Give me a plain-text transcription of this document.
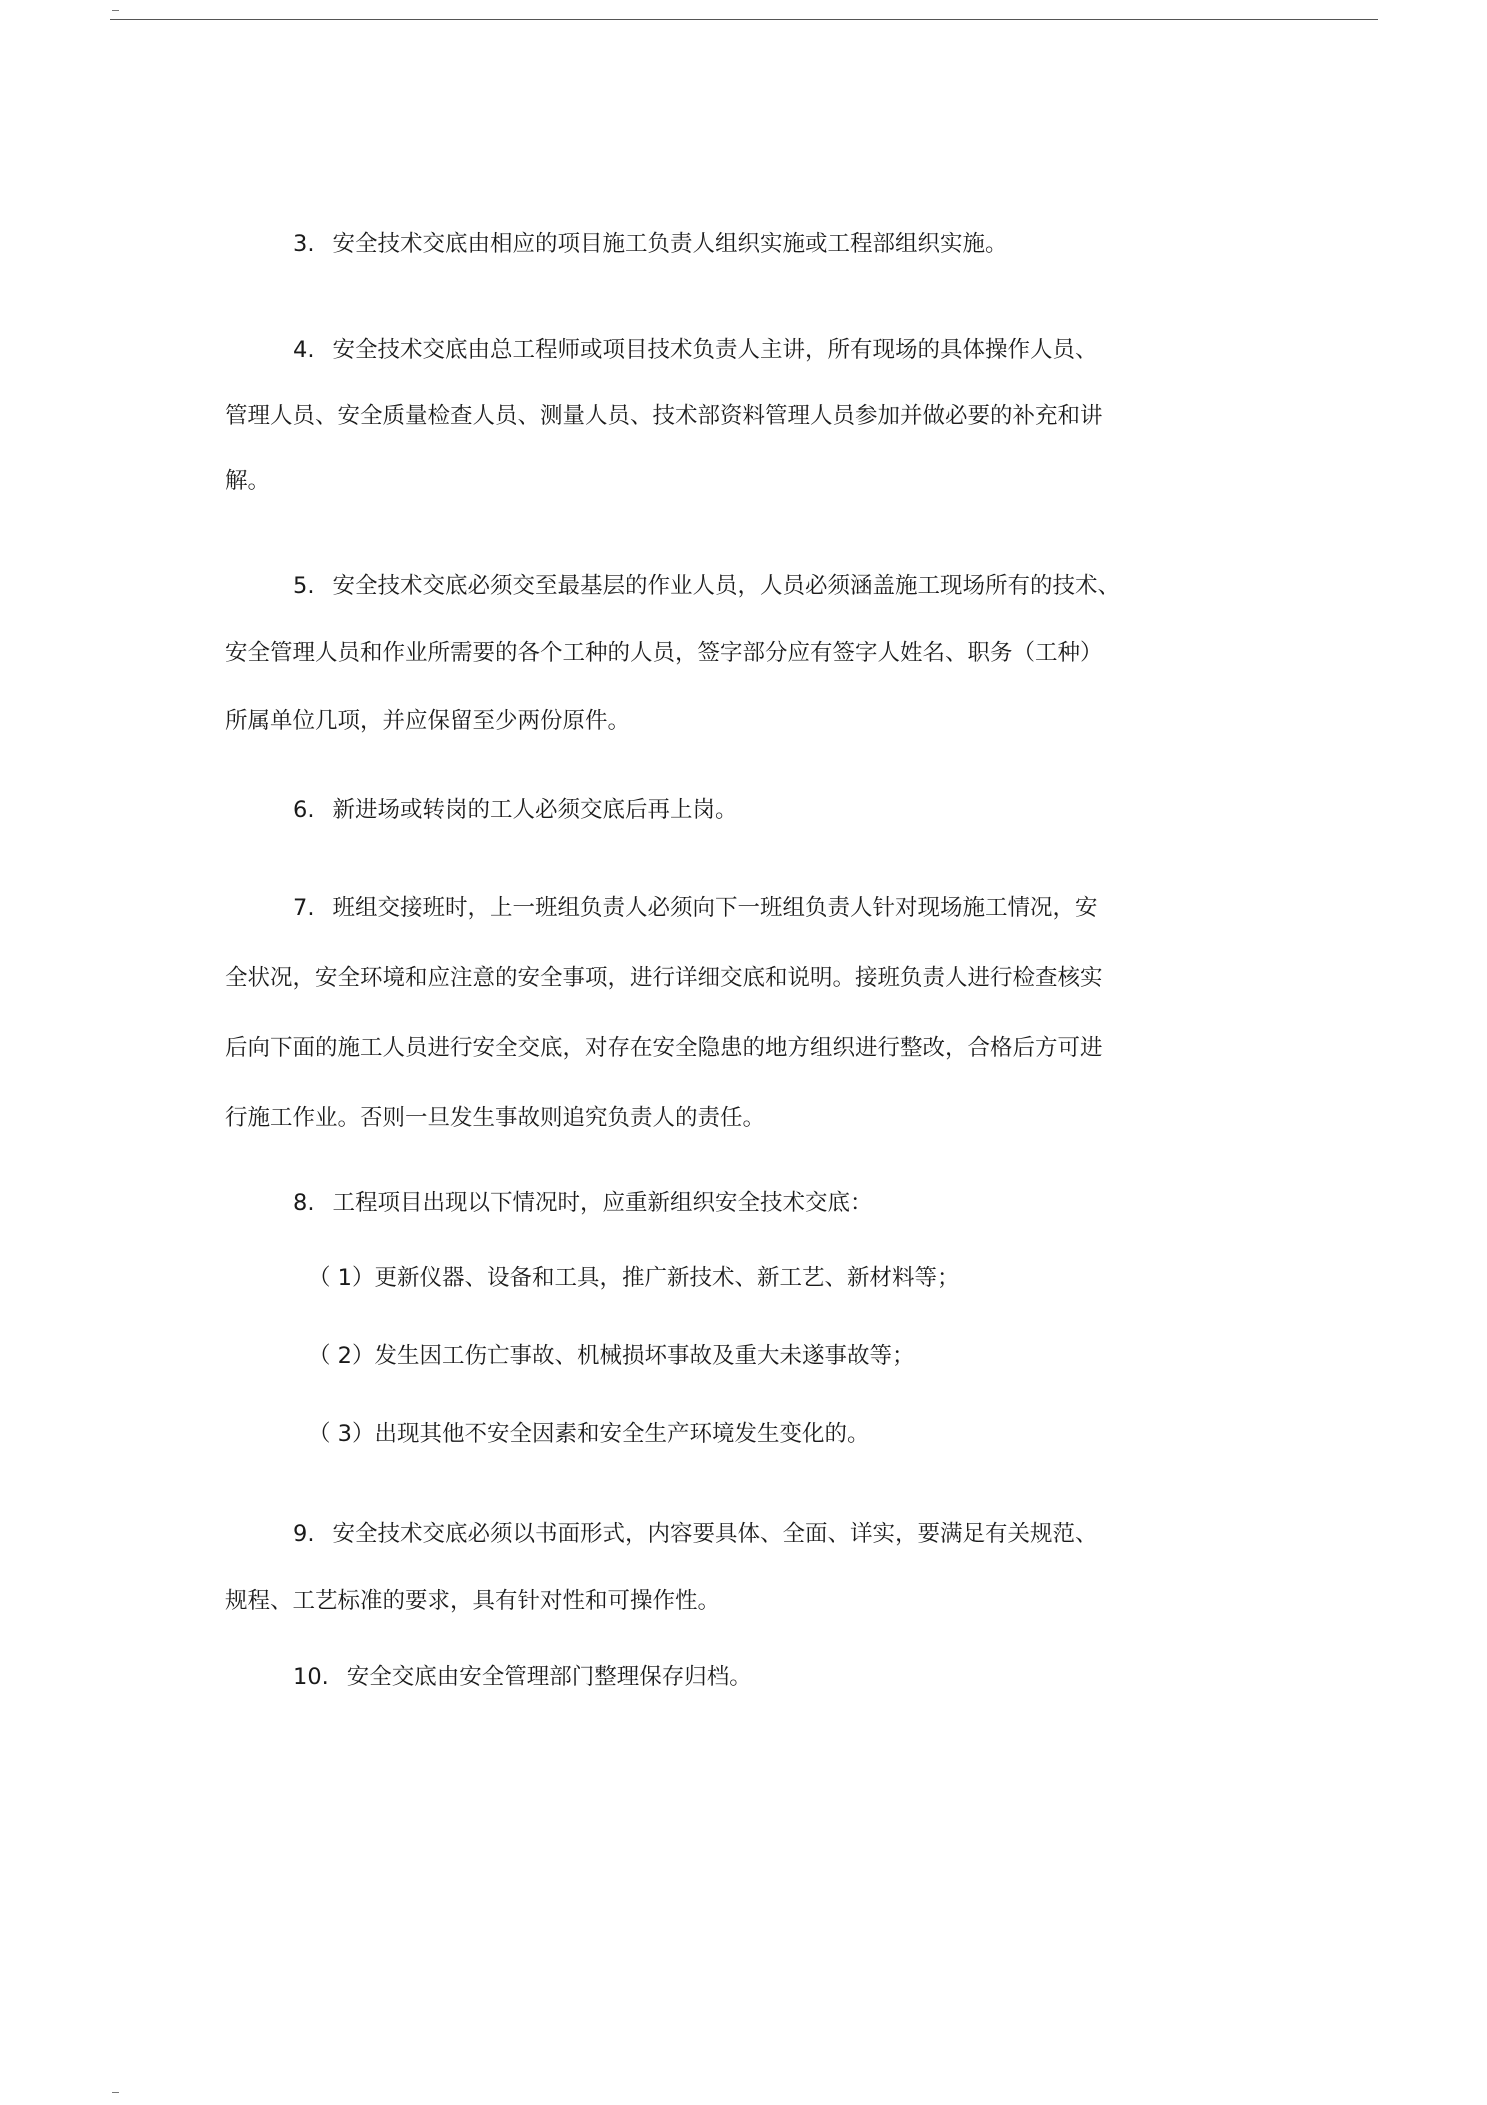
3. 安全技术交底由相应的项目施工负责人组织实施或工程部组织实施。
4. 安全技术交底由总工程师或项目技术负责人主讲，所有现场的具体操作人员、
管理人员、安全质量检查人员、测量人员、技术部资料管理人员参加并做必要的补充和讲
解。
5. 安全技术交底必须交至最基层的作业人员，人员必须涵盖施工现场所有的技术、
安全管理人员和作业所需要的各个工种的人员，签字部分应有签字人姓名、职务（工种）
所属单位几项，并应保留至少两份原件。
6. 新进场或转岗的工人必须交底后再上岗。
7. 班组交接班时，上一班组负责人必须向下一班组负责人针对现场施工情况，安
全状况，安全环境和应注意的安全事项，进行详细交底和说明。接班负责人进行检查核实
后向下面的施工人员进行安全交底，对存在安全隐患的地方组织进行整改，合格后方可进
行施工作业。否则一旦发生事故则追究负责人的责任。
8. 工程项目出现以下情况时，应重新组织安全技术交底：
（ 1）更新仪器、设备和工具，推广新技术、新工艺、新材料等；
（ 2）发生因工伤亡事故、机械损坏事故及重大未遂事故等；
（ 3）出现其他不安全因素和安全生产环境发生变化的。
9. 安全技术交底必须以书面形式，内容要具体、全面、详实，要满足有关规范、
规程、工艺标准的要求，具有针对性和可操作性。
10. 安全交底由安全管理部门整理保存归档。
